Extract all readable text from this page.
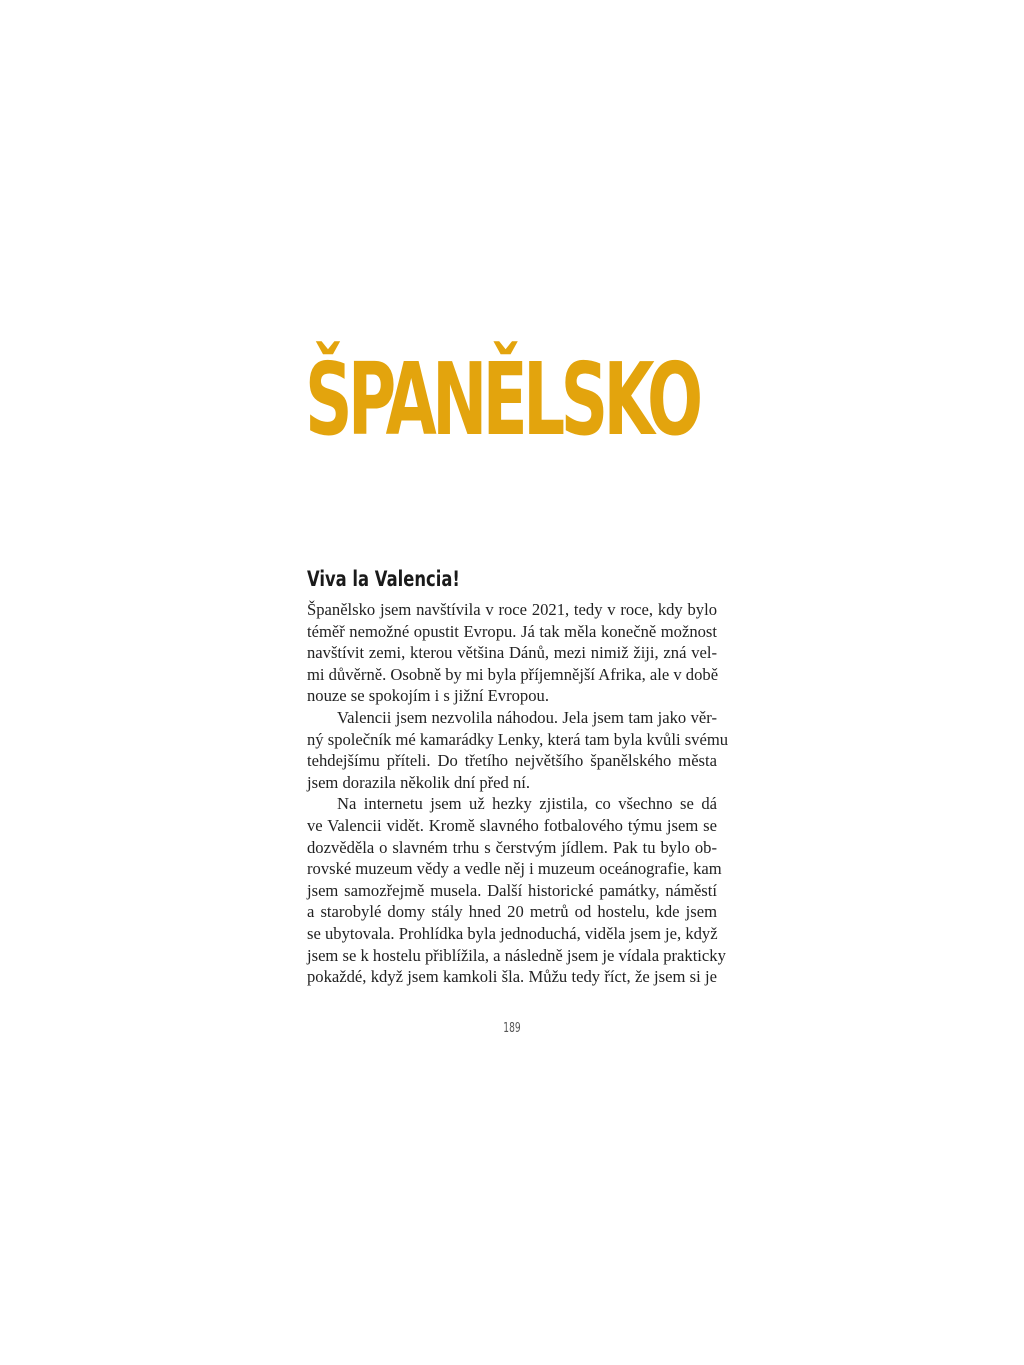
ŠPANĚLSKO
Viva la Valencia!
Španělsko jsem navštívila v roce 2021, tedy v roce, kdy bylo
téměř nemožné opustit Evropu. Já tak měla konečně možnost
navštívit zemi, kterou většina Dánů, mezi nimiž žiji, zná vel-
mi důvěrně. Osobně by mi byla příjemnější Afrika, ale v době
nouze se spokojím i s jižní Evropou.
Valencii jsem nezvolila náhodou. Jela jsem tam jako věr-
ný společník mé kamarádky Lenky, která tam byla kvůli svému
tehdejšímu příteli. Do třetího největšího španělského města
jsem dorazila několik dní před ní.
Na internetu jsem už hezky zjistila, co všechno se dá
ve Valencii vidět. Kromě slavného fotbalového týmu jsem se
dozvěděla o slavném trhu s čerstvým jídlem. Pak tu bylo ob-
rovské muzeum vědy a vedle něj i muzeum oceánografie, kam
jsem samozřejmě musela. Další historické památky, náměstí
a starobylé domy stály hned 20 metrů od hostelu, kde jsem
se ubytovala. Prohlídka byla jednoduchá, viděla jsem je, když
jsem se k hostelu přiblížila, a následně jsem je vídala prakticky
pokaždé, když jsem kamkoli šla. Můžu tedy říct, že jsem si je
189
